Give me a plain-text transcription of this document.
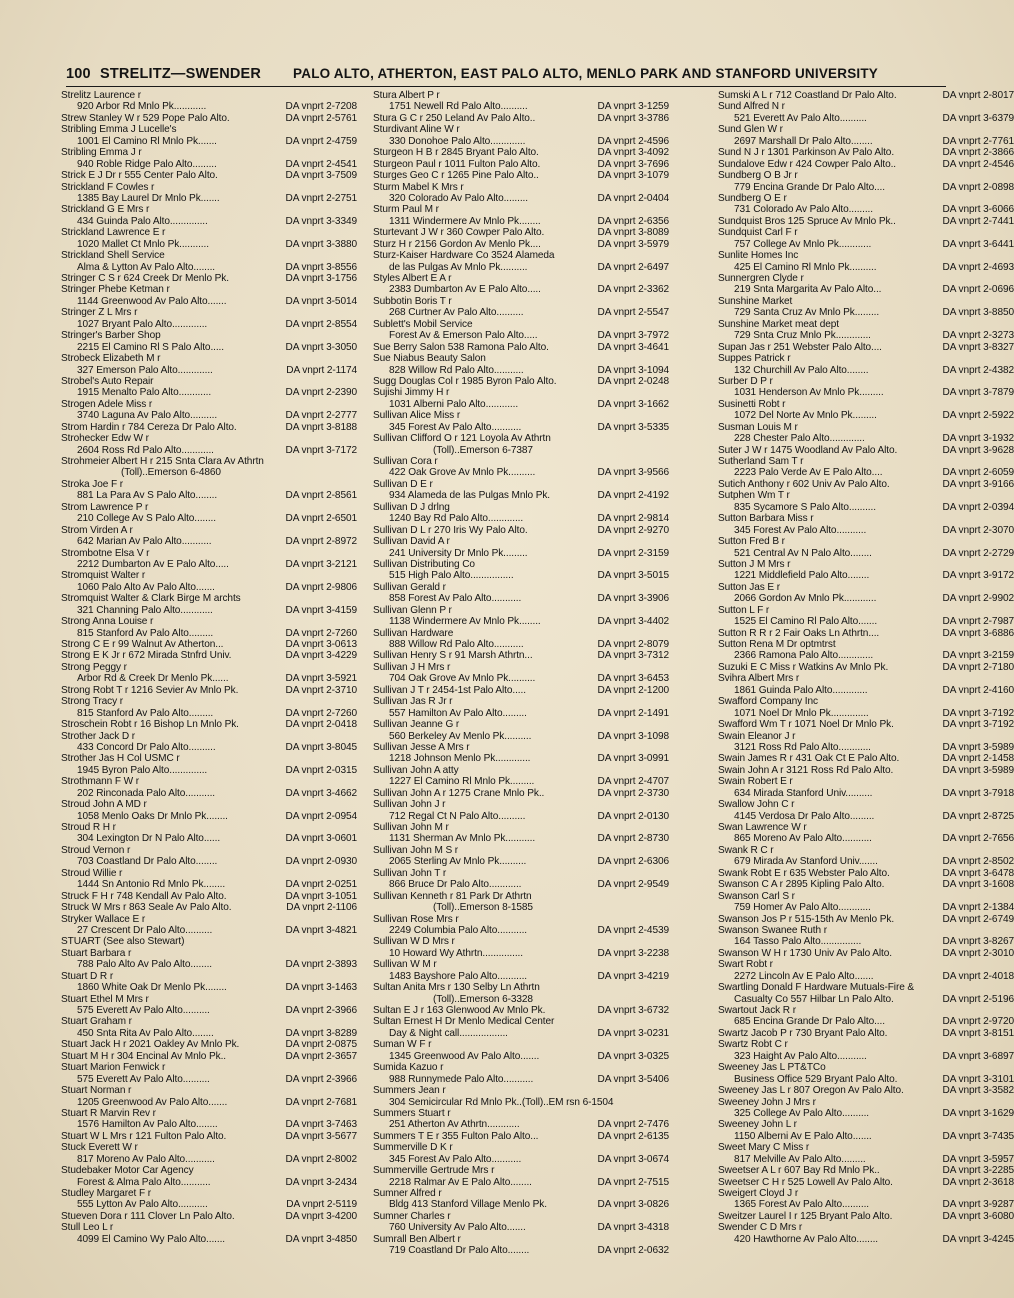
100 STRELITZ—SWENDER PALO ALTO, ATHERTON, EAST PALO ALTO, MENLO PARK AND STANFORD UNIVERSITY
Strelitz Laurence r
DA vnprt 2-7208
920 Arbor Rd Mnlo Pk............
DA vnprt 2-5761
Strew Stanley W r 529 Pope Palo Alto.
Stribling Emma J Lucelle's
DA vnprt 2-4759
1001 El Camino Rl Mnlo Pk.......
Stribling Emma J r
DA vnprt 2-4541
940 Roble Ridge Palo Alto.........
DA vnprt 3-7509
Strick E J Dr r 555 Center Palo Alto.
Strickland F Cowles r
DA vnprt 2-2751
1385 Bay Laurel Dr Mnlo Pk.......
Strickland G E Mrs r
DA vnprt 3-3349
434 Guinda Palo Alto..............
Strickland Lawrence E r
DA vnprt 3-3880
1020 Mallet Ct Mnlo Pk...........
Strickland Shell Service
DA vnprt 3-8556
Alma & Lytton Av Palo Alto........
DA vnprt 3-1756
Stringer C S r 624 Creek Dr Menlo Pk.
Stringer Phebe Ketman r
DA vnprt 3-5014
1144 Greenwood Av Palo Alto.......
Stringer Z L Mrs r
DA vnprt 2-8554
1027 Bryant Palo Alto.............
Stringer's Barber Shop
DA vnprt 3-3050
2215 El Camino Rl S Palo Alto.....
Strobeck Elizabeth M r
DA vnprt 2-1174
327 Emerson Palo Alto.............
Strobel's Auto Repair
DA vnprt 2-2390
1915 Menalto Palo Alto............
Strogen Adele Miss r
DA vnprt 2-2777
3740 Laguna Av Palo Alto..........
DA vnprt 3-8188
Strom Hardin r 784 Cereza Dr Palo Alto.
Strohecker Edw W r
DA vnprt 3-7172
2604 Ross Rd Palo Alto............
Strohmeier Albert H r 215 Snta Clara Av Athrtn
(Toll)..Emerson 6-4860
Stroka Joe F r
DA vnprt 2-8561
881 La Para Av S Palo Alto........
Strom Lawrence P r
DA vnprt 2-6501
210 College Av S Palo Alto........
Strom Virden A r
DA vnprt 2-8972
642 Marian Av Palo Alto...........
Strombotne Elsa V r
DA vnprt 3-2121
2212 Dumbarton Av E Palo Alto.....
Stromquist Walter r
DA vnprt 2-9806
1060 Palo Alto Av Palo Alto.......
Stromquist Walter & Clark Birge M archts
DA vnprt 3-4159
321 Channing Palo Alto............
Strong Anna Louise r
DA vnprt 2-7260
815 Stanford Av Palo Alto.........
DA vnprt 3-0613
Strong C E r 99 Walnut Av Atherton...
DA vnprt 3-4229
Strong E K Jr r 672 Mirada Stnfrd Univ.
Strong Peggy r
DA vnprt 3-5921
Arbor Rd & Creek Dr Menlo Pk......
DA vnprt 2-3710
Strong Robt T r 1216 Sevier Av Mnlo Pk.
Strong Tracy r
DA vnprt 2-7260
815 Stanford Av Palo Alto.........
DA vnprt 2-0418
Stroschein Robt r 16 Bishop Ln Mnlo Pk.
Strother Jack D r
DA vnprt 3-8045
433 Concord Dr Palo Alto..........
Strother Jas H Col USMC r
DA vnprt 2-0315
1945 Byron Palo Alto..............
Strothmann F W r
DA vnprt 3-4662
202 Rinconada Palo Alto...........
Stroud John A MD r
DA vnprt 2-0954
1058 Menlo Oaks Dr Mnlo Pk........
Stroud R H r
DA vnprt 3-0601
304 Lexington Dr N Palo Alto......
Stroud Vernon r
DA vnprt 2-0930
703 Coastland Dr Palo Alto........
Stroud Willie r
DA vnprt 2-0251
1444 Sn Antonio Rd Mnlo Pk........
DA vnprt 3-1051
Struck F H r 748 Kendall Av Palo Alto.
DA vnprt 2-1106
Struck W Mrs r 863 Seale Av Palo Alto.
Stryker Wallace E r
DA vnprt 3-4821
27 Crescent Dr Palo Alto..........
STUART (See also Stewart)
Stuart Barbara r
DA vnprt 2-3893
788 Palo Alto Av Palo Alto........
Stuart D R r
DA vnprt 3-1463
1860 White Oak Dr Menlo Pk........
Stuart Ethel M Mrs r
DA vnprt 2-3966
575 Everett Av Palo Alto..........
Stuart Graham r
DA vnprt 3-8289
450 Snta Rita Av Palo Alto........
DA vnprt 2-0875
Stuart Jack H r 2021 Oakley Av Mnlo Pk.
DA vnprt 2-3657
Stuart M H r 304 Encinal Av Mnlo Pk..
Stuart Marion Fenwick r
DA vnprt 2-3966
575 Everett Av Palo Alto..........
Stuart Norman r
DA vnprt 2-7681
1205 Greenwood Av Palo Alto.......
Stuart R Marvin Rev r
DA vnprt 3-7463
1576 Hamilton Av Palo Alto........
DA vnprt 3-5677
Stuart W L Mrs r 121 Fulton Palo Alto.
Stuck Everett W r
DA vnprt 2-8002
817 Moreno Av Palo Alto...........
Studebaker Motor Car Agency
DA vnprt 3-2434
Forest & Alma Palo Alto...........
Studley Margaret F r
DA vnprt 2-5119
555 Lytton Av Palo Alto...........
DA vnprt 3-4200
Stueven Dora r 111 Clover Ln Palo Alto.
Stull Leo L r
DA vnprt 3-4850
4099 El Camino Wy Palo Alto.......
Stura Albert P r
DA vnprt 3-1259
1751 Newell Rd Palo Alto..........
DA vnprt 3-3786
Stura G C r 250 Leland Av Palo Alto..
Sturdivant Aline W r
DA vnprt 2-4596
330 Donohoe Palo Alto.............
DA vnprt 3-4092
Sturgeon H B r 2845 Bryant Palo Alto.
DA vnprt 3-7696
Sturgeon Paul r 1011 Fulton Palo Alto.
DA vnprt 3-1079
Sturges Geo C r 1265 Pine Palo Alto..
Sturm Mabel K Mrs r
DA vnprt 2-0404
320 Colorado Av Palo Alto.........
Sturm Paul M r
DA vnprt 2-6356
1311 Windermere Av Mnlo Pk........
DA vnprt 3-8089
Sturtevant J W r 360 Cowper Palo Alto.
DA vnprt 3-5979
Sturz H r 2156 Gordon Av Menlo Pk....
Sturz-Kaiser Hardware Co 3524 Alameda
DA vnprt 2-6497
de las Pulgas Av Mnlo Pk..........
Styles Albert E A r
DA vnprt 2-3362
2383 Dumbarton Av E Palo Alto.....
Subbotin Boris T r
DA vnprt 2-5547
268 Curtner Av Palo Alto..........
Sublett's Mobil Service
DA vnprt 3-7972
Forest Av & Emerson Palo Alto.....
DA vnprt 3-4641
Sue Berry Salon 538 Ramona Palo Alto.
Sue Niabus Beauty Salon
DA vnprt 3-1094
828 Willow Rd Palo Alto...........
DA vnprt 2-0248
Sugg Douglas Col r 1985 Byron Palo Alto.
Sujishi Jimmy H r
DA vnprt 3-1662
1031 Alberni Palo Alto............
Sullivan Alice Miss r
DA vnprt 3-5335
345 Forest Av Palo Alto...........
Sullivan Clifford O r 121 Loyola Av Athrtn
(Toll)..Emerson 6-7387
Sullivan Cora r
DA vnprt 3-9566
422 Oak Grove Av Mnlo Pk..........
Sullivan D E r
DA vnprt 2-4192
934 Alameda de las Pulgas Mnlo Pk.
Sullivan D J drlng
DA vnprt 2-9814
1240 Bay Rd Palo Alto.............
DA vnprt 2-9270
Sullivan D L r 270 Iris Wy Palo Alto.
Sullivan David A r
DA vnprt 2-3159
241 University Dr Mnlo Pk.........
Sullivan Distributing Co
DA vnprt 3-5015
515 High Palo Alto................
Sullivan Gerald r
DA vnprt 3-3906
858 Forest Av Palo Alto...........
Sullivan Glenn P r
DA vnprt 3-4402
1138 Windermere Av Mnlo Pk........
Sullivan Hardware
DA vnprt 2-8079
888 Willow Rd Palo Alto...........
DA vnprt 3-7312
Sullivan Henry S r 91 Marsh Athrtn...
Sullivan J H Mrs r
DA vnprt 3-6453
704 Oak Grove Av Mnlo Pk..........
DA vnprt 2-1200
Sullivan J T r 2454-1st Palo Alto.....
Sullivan Jas R Jr r
DA vnprt 2-1491
557 Hamilton Av Palo Alto.........
Sullivan Jeanne G r
DA vnprt 3-1098
560 Berkeley Av Menlo Pk..........
Sullivan Jesse A Mrs r
DA vnprt 3-0991
1218 Johnson Menlo Pk.............
Sullivan John A atty
DA vnprt 2-4707
1227 El Camino Rl Mnlo Pk.........
DA vnprt 2-3730
Sullivan John A r 1275 Crane Mnlo Pk..
Sullivan John J r
DA vnprt 2-0130
712 Regal Ct N Palo Alto..........
Sullivan John M r
DA vnprt 2-8730
1131 Sherman Av Mnlo Pk...........
Sullivan John M S r
DA vnprt 2-6306
2065 Sterling Av Mnlo Pk..........
Sullivan John T r
DA vnprt 2-9549
866 Bruce Dr Palo Alto............
Sullivan Kenneth r 81 Park Dr Athrtn
(Toll)..Emerson 8-1585
Sullivan Rose Mrs r
DA vnprt 2-4539
2249 Columbia Palo Alto...........
Sullivan W D Mrs r
DA vnprt 3-2238
10 Howard Wy Athrtn...............
Sullivan W M r
DA vnprt 3-4219
1483 Bayshore Palo Alto...........
Sultan Anita Mrs r 130 Selby Ln Athrtn
(Toll)..Emerson 6-3328
DA vnprt 3-6732
Sultan E J r 163 Glenwood Av Mnlo Pk.
Sultan Ernest H Dr Menlo Medical Center
DA vnprt 3-0231
Day & Night call..................
Suman W F r
DA vnprt 3-0325
1345 Greenwood Av Palo Alto.......
Sumida Kazuo r
DA vnprt 3-5406
988 Runnymede Palo Alto...........
Summers Jean r
304 Semicircular Rd Mnlo Pk..(Toll)..EM rsn 6-1504
Summers Stuart r
DA vnprt 2-7476
251 Atherton Av Athrtn............
DA vnprt 2-6135
Summers T E r 355 Fulton Palo Alto...
Summerville D K r
DA vnprt 3-0674
345 Forest Av Palo Alto...........
Summerville Gertrude Mrs r
DA vnprt 2-7515
2218 Ralmar Av E Palo Alto........
Sumner Alfred r
DA vnprt 3-0826
Bldg 413 Stanford Village Menlo Pk.
Sumner Charles r
DA vnprt 3-4318
760 University Av Palo Alto.......
Sumrall Ben Albert r
DA vnprt 2-0632
719 Coastland Dr Palo Alto........
DA vnprt 2-8017
Sumski A L r 712 Coastland Dr Palo Alto.
Sund Alfred N r
DA vnprt 3-6379
521 Everett Av Palo Alto..........
Sund Glen W r
DA vnprt 2-7761
2697 Marshall Dr Palo Alto........
DA vnprt 2-3866
Sund N J r 1301 Parkinson Av Palo Alto.
DA vnprt 2-4546
Sundalove Edw r 424 Cowper Palo Alto..
Sundberg O B Jr r
DA vnprt 2-0898
779 Encina Grande Dr Palo Alto....
Sundberg O E r
DA vnprt 3-6066
731 Colorado Av Palo Alto.........
DA vnprt 2-7441
Sundquist Bros 125 Spruce Av Mnlo Pk..
Sundquist Carl F r
DA vnprt 3-6441
757 College Av Mnlo Pk............
Sunlite Homes Inc
DA vnprt 2-4693
425 El Camino Rl Mnlo Pk..........
Sunnergren Clyde r
DA vnprt 2-0696
219 Snta Margarita Av Palo Alto...
Sunshine Market
DA vnprt 3-8850
729 Santa Cruz Av Mnlo Pk.........
Sunshine Market meat dept
DA vnprt 2-3273
729 Snta Cruz Mnlo Pk.............
DA vnprt 3-8327
Supan Jas r 251 Webster Palo Alto....
Suppes Patrick r
DA vnprt 2-4382
132 Churchill Av Palo Alto........
Surber D P r
DA vnprt 3-7879
1031 Henderson Av Mnlo Pk.........
Susinetti Robt r
DA vnprt 2-5922
1072 Del Norte Av Mnlo Pk.........
Susman Louis M r
DA vnprt 3-1932
228 Chester Palo Alto.............
DA vnprt 3-9628
Suter J W r 1475 Woodland Av Palo Alto.
Sutherland Sam T r
DA vnprt 2-6059
2223 Palo Verde Av E Palo Alto....
DA vnprt 3-9166
Sutich Anthony r 602 Univ Av Palo Alto.
Sutphen Wm T r
DA vnprt 2-0394
835 Sycamore S Palo Alto..........
Sutton Barbara Miss r
DA vnprt 2-3070
345 Forest Av Palo Alto...........
Sutton Fred B r
DA vnprt 2-2729
521 Central Av N Palo Alto........
Sutton J M Mrs r
DA vnprt 3-9172
1221 Middlefield Palo Alto........
Sutton Jas E r
DA vnprt 2-9902
2066 Gordon Av Mnlo Pk............
Sutton L F r
DA vnprt 2-7987
1525 El Camino Rl Palo Alto.......
DA vnprt 3-6886
Sutton R R r 2 Fair Oaks Ln Athrtn....
Sutton Rena M Dr optmtrst
DA vnprt 3-2159
2366 Ramona Palo Alto.............
DA vnprt 2-7180
Suzuki E C Miss r Watkins Av Mnlo Pk.
Svihra Albert Mrs r
DA vnprt 2-4160
1861 Guinda Palo Alto.............
Swafford Company Inc
DA vnprt 3-7192
1071 Noel Dr Mnlo Pk..............
DA vnprt 3-7192
Swafford Wm T r 1071 Noel Dr Mnlo Pk.
Swain Eleanor J r
DA vnprt 3-5989
3121 Ross Rd Palo Alto............
DA vnprt 2-1458
Swain James R r 431 Oak Ct E Palo Alto.
DA vnprt 3-5989
Swain John A r 3121 Ross Rd Palo Alto.
Swain Robert E r
DA vnprt 3-7918
634 Mirada Stanford Univ..........
Swallow John C r
DA vnprt 2-8725
4145 Verdosa Dr Palo Alto.........
Swan Lawrence W r
DA vnprt 2-7656
865 Moreno Av Palo Alto...........
Swank R C r
DA vnprt 2-8502
679 Mirada Av Stanford Univ.......
DA vnprt 3-6478
Swank Robt E r 635 Webster Palo Alto.
DA vnprt 3-1608
Swanson C A r 2895 Kipling Palo Alto.
Swanson Carl S r
DA vnprt 2-1384
759 Homer Av Palo Alto............
DA vnprt 2-6749
Swanson Jos P r 515-15th Av Menlo Pk.
Swanson Swanee Ruth r
DA vnprt 3-8267
164 Tasso Palo Alto...............
DA vnprt 2-3010
Swanson W H r 1730 Univ Av Palo Alto.
Swart Robt r
DA vnprt 2-4018
2272 Lincoln Av E Palo Alto.......
Swartling Donald F Hardware Mutuals-Fire &
DA vnprt 2-5196
Casualty Co 557 Hilbar Ln Palo Alto.
Swartout Jack R r
DA vnprt 2-9720
685 Encina Grande Dr Palo Alto....
DA vnprt 3-8151
Swartz Jacob P r 730 Bryant Palo Alto.
Swartz Robt C r
DA vnprt 3-6897
323 Haight Av Palo Alto...........
Sweeney Jas L PT&TCo
DA vnprt 3-3101
Business Office 529 Bryant Palo Alto.
DA vnprt 3-3582
Sweeney Jas L r 807 Oregon Av Palo Alto.
Sweeney John J Mrs r
DA vnprt 3-1629
325 College Av Palo Alto..........
Sweeney John L r
DA vnprt 3-7435
1150 Alberni Av E Palo Alto.......
Sweet Mary C Miss r
DA vnprt 3-5957
817 Melville Av Palo Alto.........
DA vnprt 3-2285
Sweetser A L r 607 Bay Rd Mnlo Pk..
DA vnprt 2-3618
Sweetser C H r 525 Lowell Av Palo Alto.
Sweigert Cloyd J r
DA vnprt 3-9287
1365 Forest Av Palo Alto..........
DA vnprt 3-6080
Sweitzer Laurel I r 125 Bryant Palo Alto.
Swender C D Mrs r
DA vnprt 3-4245
420 Hawthorne Av Palo Alto........
